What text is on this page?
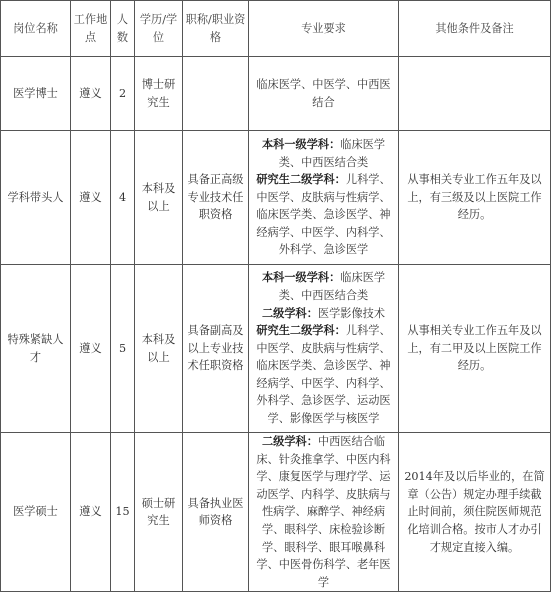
岗位名称	工作地点	人数	学历/学位	职称/职业资格	专业要求	其他条件及备注
医学博士	遵义	2	博士研究生		临床医学、中医学、中西医结合	
学科带头人	遵义	4	本科及以上	具备正高级专业技术任职资格	本科一级学科：临床医学类、中西医结合类
研究生二级学科：儿科学、中医学、皮肤病与性病学、临床医学类、急诊医学、神经病学、中医学、内科学、外科学、急诊医学	从事相关专业工作五年及以上，有三级及以上医院工作经历。
特殊紧缺人才	遵义	5	本科及以上	具备副高及以上专业技术任职资格	本科一级学科：临床医学类、中西医结合类
二级学科：医学影像技术
研究生二级学科：儿科学、中医学、皮肤病与性病学、临床医学类、急诊医学、神经病学、中医学、内科学、外科学、急诊医学、运动医学、影像医学与核医学	从事相关专业工作五年及以上，有二甲及以上医院工作经历。
医学硕士	遵义	15	硕士研究生	具备执业医师资格	二级学科：中西医结合临床、针灸推拿学、中医内科学、康复医学与理疗学、运动医学、内科学、皮肤病与性病学、麻醉学、神经病学、眼科学、床检验诊断学、眼科学、眼耳喉鼻科学、中医骨伤科学、老年医学	2014年及以后毕业的，在简章（公告）规定办理手续截止时间前，须住院医师规范化培训合格。按市人才办引才规定直接入编。
